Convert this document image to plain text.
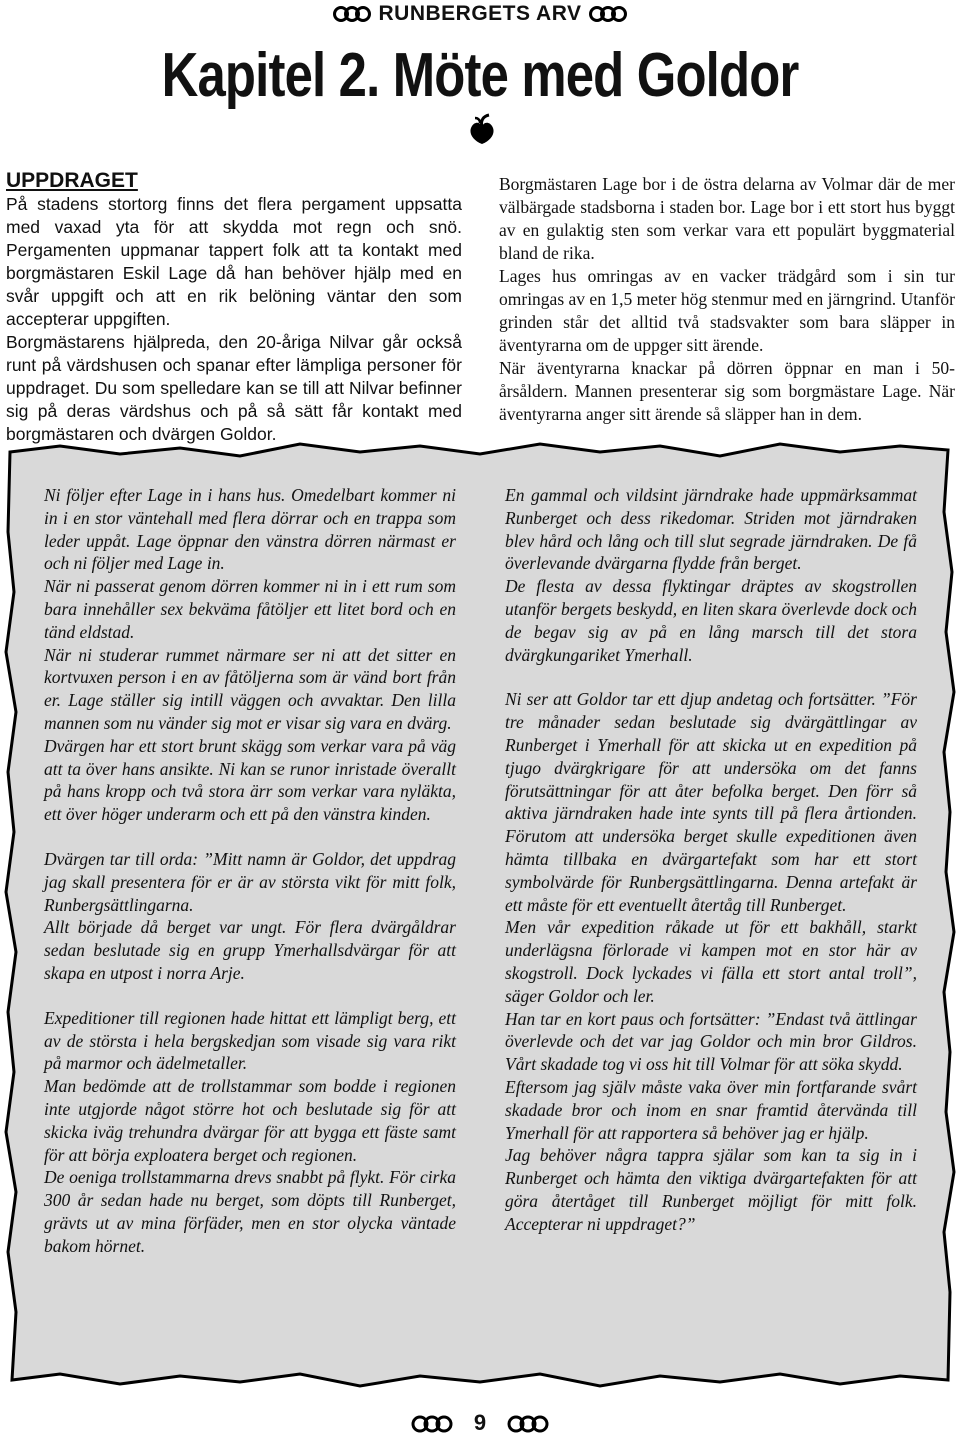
RUNBERGETS ARV
Kapitel 2. Möte med Goldor
UPPDRAGET

På stadens stortorg finns det flera pergament uppsatta med vaxad yta för att skydda mot regn och snö. Pergamenten uppmanar tappert folk att ta kontakt med borgmästaren Eskil Lage då han behöver hjälp med en svår uppgift och att en rik belöning väntar den som accepterar uppgiften.

Borgmästarens hjälpreda, den 20-åriga Nilvar går också runt på värdshusen och spanar efter lämpliga personer för uppdraget. Du som spelledare kan se till att Nilvar befinner sig på deras värdshus och på så sätt får kontakt med borgmästaren och dvärgen Goldor.

Borgmästaren Lage bor i de östra delarna av Volmar där de mer välbärgade stadsborna i staden bor. Lage bor i ett stort hus byggt av en gulaktig sten som verkar vara ett populärt byggmaterial bland de rika.

Lages hus omringas av en vacker trädgård som i sin tur omringas av en 1,5 meter hög stenmur med en järngrind. Utanför grinden står det alltid två stadsvakter som bara släpper in äventyrarna om de uppger sitt ärende.

När äventyrarna knackar på dörren öppnar en man i 50-årsåldern. Mannen presenterar sig som borgmästare Lage. När äventyrarna anger sitt ärende så släpper han in dem.

Ni följer efter Lage in i hans hus. Omedelbart kommer ni in i en stor väntehall med flera dörrar och en trappa som leder uppåt. Lage öppnar den vänstra dörren närmast er och ni följer med Lage in.

När ni passerat genom dörren kommer ni in i ett rum som bara innehåller sex bekväma fåtöljer ett litet bord och en tänd eldstad.

När ni studerar rummet närmare ser ni att det sitter en kortvuxen person i en av fåtöljerna som är vänd bort från er. Lage ställer sig intill väggen och avvaktar. Den lilla mannen som nu vänder sig mot er visar sig vara en dvärg.

Dvärgen har ett stort brunt skägg som verkar vara på väg att ta över hans ansikte. Ni kan se runor inristade överallt på hans kropp och två stora ärr som verkar vara nyläkta, ett över höger underarm och ett på den vänstra kinden.

Dvärgen tar till orda: ”Mitt namn är Goldor, det uppdrag jag skall presentera för er är av största vikt för mitt folk, Runbergsättlingarna.

Allt började då berget var ungt. För flera dvärgåldrar sedan beslutade sig en grupp Ymerhallsdvärgar för att skapa en utpost i norra Arje.

Expeditioner till regionen hade hittat ett lämpligt berg, ett av de största i hela bergskedjan som visade sig vara rikt på marmor och ädelmetaller.

Man bedömde att de trollstammar som bodde i regionen inte utgjorde något större hot och beslutade sig för att skicka iväg trehundra dvärgar för att bygga ett fäste samt för att börja exploatera berget och regionen.

De oeniga trollstammarna drevs snabbt på flykt. För cirka 300 år sedan hade nu berget, som döpts till Runberget, grävts ut av mina förfäder, men en stor olycka väntade bakom hörnet.

En gammal och vildsint järndrake hade uppmärksammat Runberget och dess rikedomar. Striden mot järndraken blev hård och lång och till slut segrade järndraken. De få överlevande dvärgarna flydde från berget.

De flesta av dessa flyktingar dräptes av skogstrollen utanför bergets beskydd, en liten skara överlevde dock och de begav sig av på en lång marsch till det stora dvärgkungariket Ymerhall.

Ni ser att Goldor tar ett djup andetag och fortsätter. ”För tre månader sedan beslutade sig dvärgättlingar av Runberget i Ymerhall för att skicka ut en expedition på tjugo dvärgkrigare för att undersöka om det fanns förutsättningar för att åter befolka berget. Den förr så aktiva järndraken hade inte synts till på flera årtionden. Förutom att undersöka berget skulle expeditionen även hämta tillbaka en dvärgartefakt som har ett stort symbolvärde för Runbergsättlingarna. Denna artefakt är ett måste för ett eventuellt återtåg till Runberget.

Men vår expedition råkade ut för ett bakhåll, starkt underlägsna förlorade vi kampen mot en stor här av skogstroll. Dock lyckades vi fälla ett stort antal troll”, säger Goldor och ler.

Han tar en kort paus och fortsätter: ”Endast två ättlingar överlevde och det var jag Goldor och min bror Gildros. Vårt skadade tog vi oss hit till Volmar för att söka skydd.

Eftersom jag själv måste vaka över min fortfarande svårt skadade bror och inom en snar framtid återvända till Ymerhall för att rapportera så behöver jag er hjälp.

Jag behöver några tappra själar som kan ta sig in i Runberget och hämta den viktiga dvärgartefakten för att göra återtåget till Runberget möjligt för mitt folk. Accepterar ni uppdraget?”

9
